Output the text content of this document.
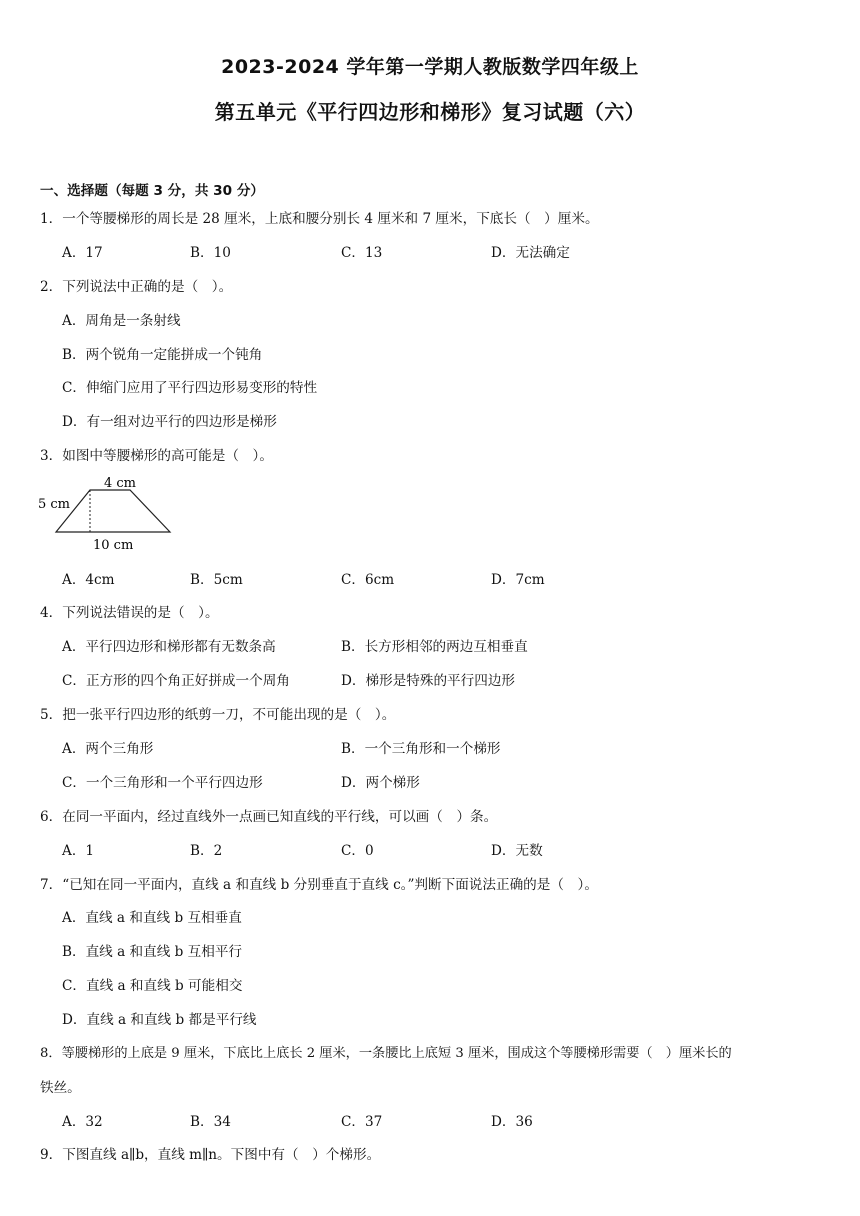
2023-2024 学年第一学期人教版数学四年级上
第五单元《平行四边形和梯形》复习试题（六）
一、选择题（每题 3 分，共 30 分）
1．一个等腰梯形的周长是 28 厘米，上底和腰分别长 4 厘米和 7 厘米，下底长（　）厘米。
A．17	B．10	C．13	D．无法确定
2．下列说法中正确的是（　）。
A．周角是一条射线
B．两个锐角一定能拼成一个钝角
C．伸缩门应用了平行四边形易变形的特性
D．有一组对边平行的四边形是梯形
3．如图中等腰梯形的高可能是（　）。
4 cm
5 cm
10 cm
A．4cm	B．5cm	C．6cm	D．7cm
4．下列说法错误的是（　）。
A．平行四边形和梯形都有无数条高	B．长方形相邻的两边互相垂直
C．正方形的四个角正好拼成一个周角	D．梯形是特殊的平行四边形
5．把一张平行四边形的纸剪一刀，不可能出现的是（　）。
A．两个三角形	B．一个三角形和一个梯形
C．一个三角形和一个平行四边形	D．两个梯形
6．在同一平面内，经过直线外一点画已知直线的平行线，可以画（　）条。
A．1	B．2	C．0	D．无数
7．“已知在同一平面内，直线 a 和直线 b 分别垂直于直线 c。”判断下面说法正确的是（　）。
A．直线 a 和直线 b 互相垂直
B．直线 a 和直线 b 互相平行
C．直线 a 和直线 b 可能相交
D．直线 a 和直线 b 都是平行线
8．等腰梯形的上底是 9 厘米，下底比上底长 2 厘米，一条腰比上底短 3 厘米，围成这个等腰梯形需要（　）厘米长的
铁丝。
A．32	B．34	C．37	D．36
9．下图直线 a∥b，直线 m∥n。下图中有（　）个梯形。
